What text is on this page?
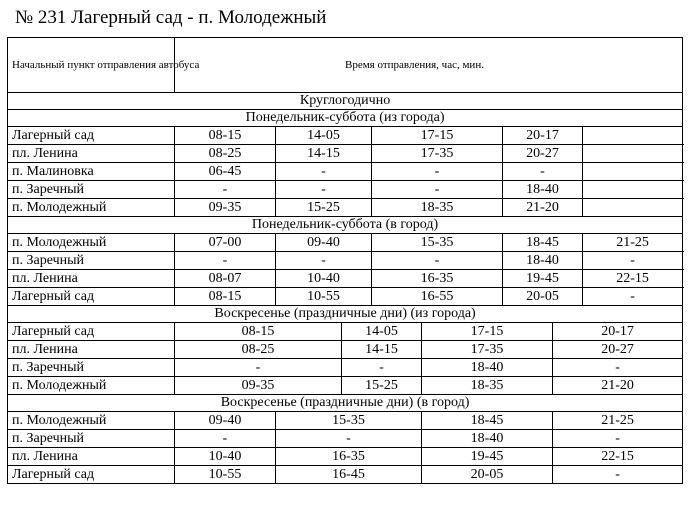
№ 231 Лагерный сад - п. Молодежный
Начальный пункт отправления автобуса	Время отправления, час, мин.							
Круглогодично								
Понедельник-суббота (из города)								
Лагерный сад	08-15	14-05		17-15		20-17		
пл. Ленина	08-25	14-15		17-35		20-27		
п. Малиновка	06-45	-		-		-		
п. Заречный	-	-		-		18-40		
п. Молодежный	09-35	15-25		18-35		21-20		
Понедельник-суббота (в город)								
п. Молодежный	07-00	09-40		15-35		18-45		21-25
п. Заречный	-	-		-		18-40		-
пл. Ленина	08-07	10-40		16-35		19-45		22-15
Лагерный сад	08-15	10-55		16-55		20-05		-
Воскресенье (праздничные дни) (из города)								
Лагерный сад	08-15		14-05		17-15		20-17	
пл. Ленина	08-25		14-15		17-35		20-27	
п. Заречный	-		-		18-40		-	
п. Молодежный	09-35		15-25		18-35		21-20	
Воскресенье (праздничные дни) (в город)								
п. Молодежный	09-40	15-35			18-45		21-25	
п. Заречный	-	-			18-40		-	
пл. Ленина	10-40	16-35			19-45		22-15	
Лагерный сад	10-55	16-45			20-05		-	
